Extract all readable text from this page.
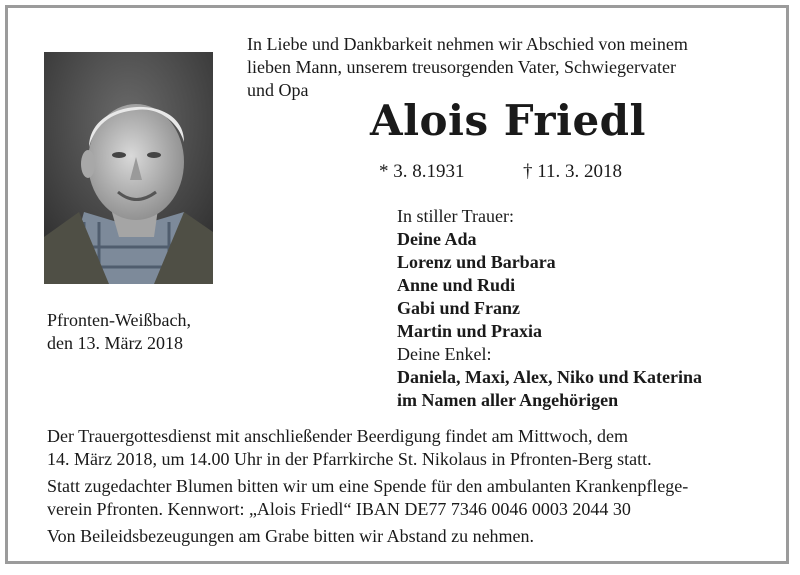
Pfronten-Weißbach,
den 13. März 2018
In Liebe und Dankbarkeit nehmen wir Abschied von meinem
lieben Mann, unserem treusorgenden Vater, Schwiegervater
und Opa
Alois Friedl
* 3. 8.1931	† 11. 3. 2018
In stiller Trauer:
Deine Ada
Lorenz und Barbara
Anne und Rudi
Gabi und Franz
Martin und Praxia
Deine Enkel:
Daniela, Maxi, Alex, Niko und Katerina
im Namen aller Angehörigen
Der Trauergottesdienst mit anschließender Beerdigung findet am Mittwoch, dem
14. März 2018, um 14.00 Uhr in der Pfarrkirche St. Nikolaus in Pfronten-Berg statt.
Statt zugedachter Blumen bitten wir um eine Spende für den ambulanten Krankenpflege-
verein Pfronten. Kennwort: „Alois Friedl“ IBAN DE77 7346 0046 0003 2044 30
Von Beileidsbezeugungen am Grabe bitten wir Abstand zu nehmen.
